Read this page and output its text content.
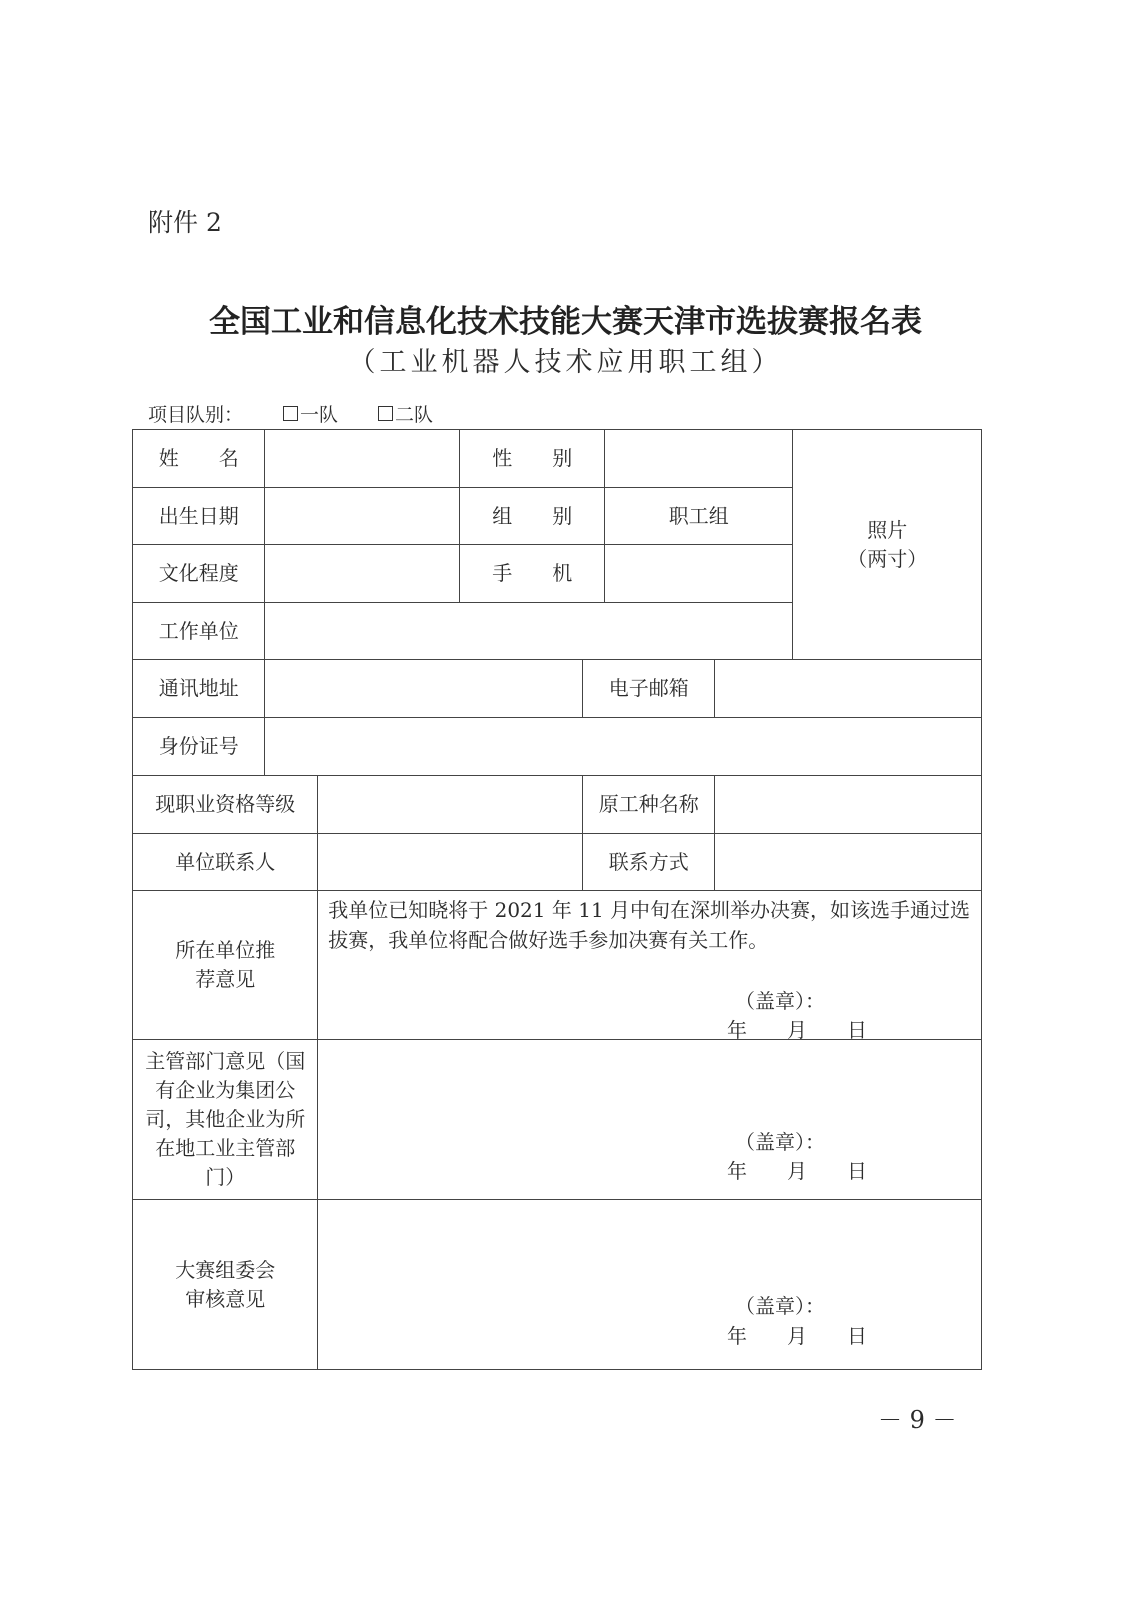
附件 2
全国工业和信息化技术技能大赛天津市选拔赛报名表
（工业机器人技术应用职工组）
项目队别：	一队	二队
姓　　名	性　　别
照片
（两寸）
出生日期	组　　别	职工组
文化程度	手　　机
工作单位
通讯地址	电子邮箱
身份证号
现职业资格等级	原工种名称
单位联系人	联系方式
所在单位推荐意见
我单位已知晓将于 2021 年 11 月中旬在深圳举办决赛，如该选手通过选拔赛，我单位将配合做好选手参加决赛有关工作。
（盖章）：
年　　月　　日
主管部门意见（国有企业为集团公司，其他企业为所在地工业主管部门）
（盖章）：
年　　月　　日
大赛组委会审核意见	（盖章）：
年　　月　　日
－ 9 －
